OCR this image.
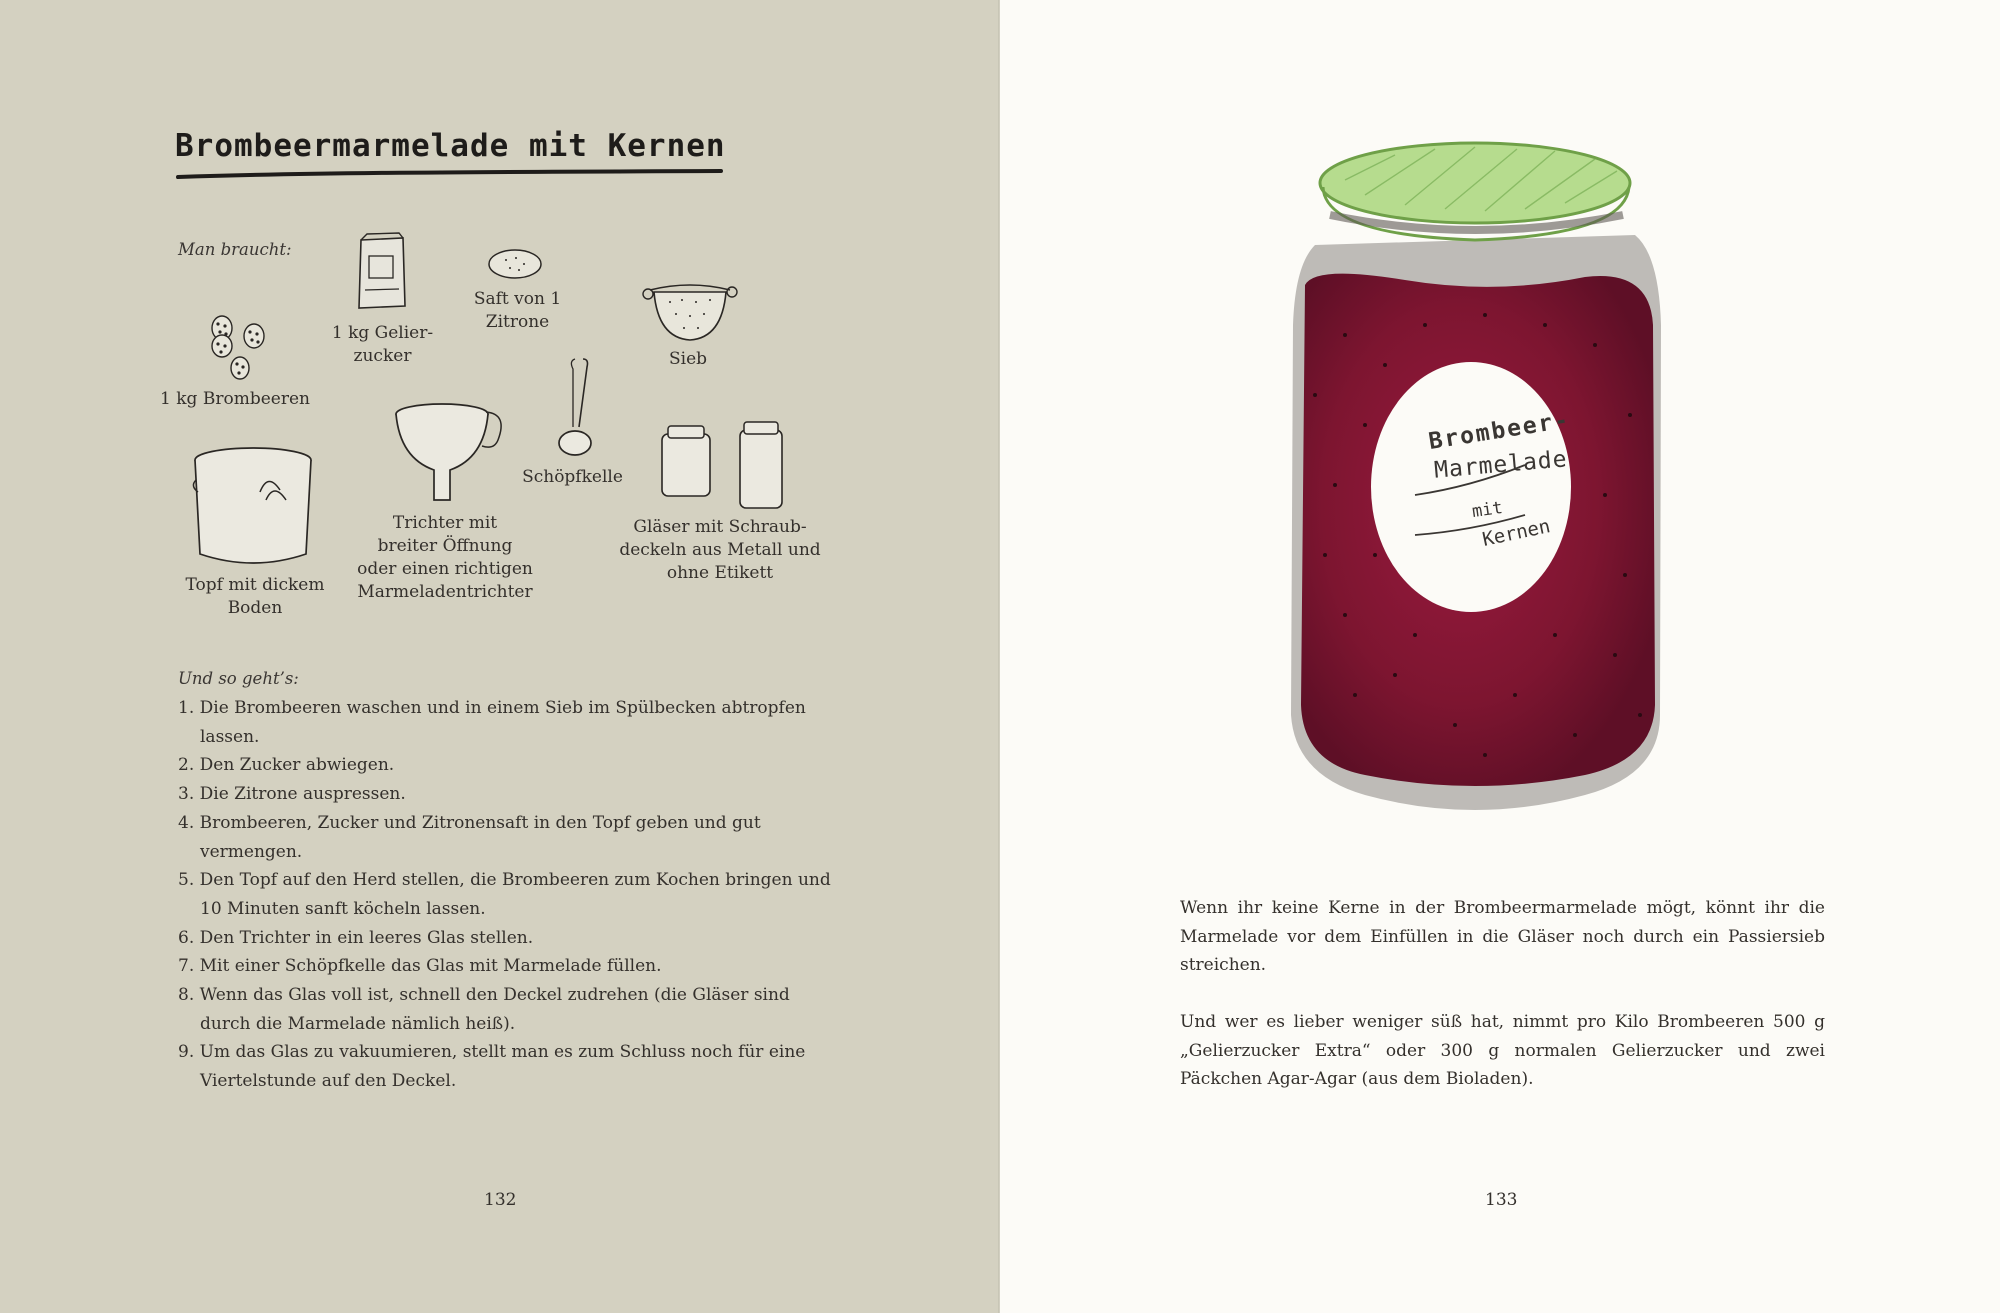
Brombeermarmelade mit Kernen
Man braucht:
1 kg Brombeeren
1 kg Gelier-
zucker
Saft von 1
Zitrone
Sieb
Topf mit dickem
Boden
Trichter mit
breiter Öffnung
oder einen richtigen
Marmeladentrichter
Schöpfkelle
Gläser mit Schraub-
deckeln aus Metall und
ohne Etikett
Und so geht’s:
1. Die Brombeeren waschen und in einem Sieb im Spülbecken abtropfen lassen.
2. Den Zucker abwiegen.
3. Die Zitrone auspressen.
4. Brombeeren, Zucker und Zitronensaft in den Topf geben und gut vermengen.
5. Den Topf auf den Herd stellen, die Brombeeren zum Kochen bringen und 10 Minuten sanft köcheln lassen.
6. Den Trichter in ein leeres Glas stellen.
7. Mit einer Schöpfkelle das Glas mit Marmelade füllen.
8. Wenn das Glas voll ist, schnell den Deckel zudrehen (die Gläser sind durch die Marmelade nämlich heiß).
9. Um das Glas zu vakuumieren, stellt man es zum Schluss noch für eine Viertelstunde auf den Deckel.
132	133
Brombeer-
Marmelade
mit
Kernen

Wenn ihr keine Kerne in der Brombeermarmelade mögt, könnt ihr die Marmelade vor dem Einfüllen in die Gläser noch durch ein Passiersieb streichen.

Und wer es lieber weniger süß hat, nimmt pro Kilo Brombeeren 500 g „Gelierzucker Extra“ oder 300 g normalen Gelierzucker und zwei Päckchen Agar-Agar (aus dem Bioladen).
